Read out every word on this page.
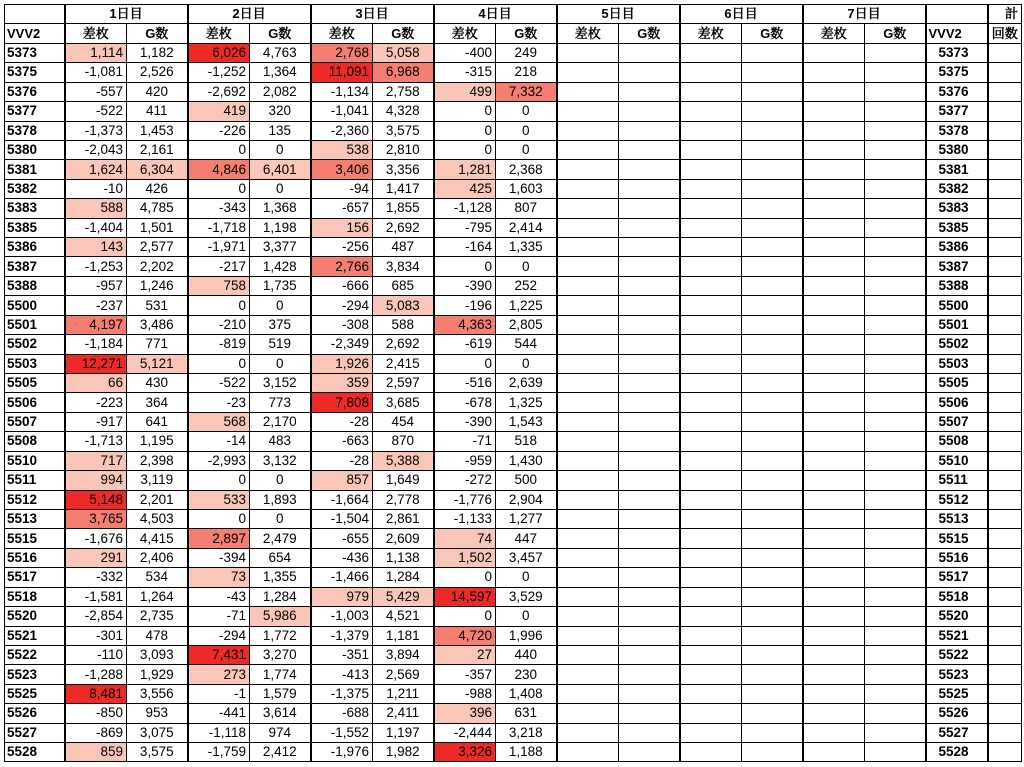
	1日目		2日目		3日目		4日目		5日目		6日目		7日目			計
VVV2	差枚	G数	差枚	G数	差枚	G数	差枚	G数	差枚	G数	差枚	G数	差枚	G数	VVV2	回数
5373	1,114	1,182	6,026	4,763	2,768	5,058	-400	249							5373	
5375	-1,081	2,526	-1,252	1,364	11,091	6,968	-315	218							5375	
5376	-557	420	-2,692	2,082	-1,134	2,758	499	7,332							5376	
5377	-522	411	419	320	-1,041	4,328	0	0							5377	
5378	-1,373	1,453	-226	135	-2,360	3,575	0	0							5378	
5380	-2,043	2,161	0	0	538	2,810	0	0							5380	
5381	1,624	6,304	4,846	6,401	3,406	3,356	1,281	2,368							5381	
5382	-10	426	0	0	-94	1,417	425	1,603							5382	
5383	588	4,785	-343	1,368	-657	1,855	-1,128	807							5383	
5385	-1,404	1,501	-1,718	1,198	156	2,692	-795	2,414							5385	
5386	143	2,577	-1,971	3,377	-256	487	-164	1,335							5386	
5387	-1,253	2,202	-217	1,428	2,766	3,834	0	0							5387	
5388	-957	1,246	758	1,735	-666	685	-390	252							5388	
5500	-237	531	0	0	-294	5,083	-196	1,225							5500	
5501	4,197	3,486	-210	375	-308	588	4,363	2,805							5501	
5502	-1,184	771	-819	519	-2,349	2,692	-619	544							5502	
5503	12,271	5,121	0	0	1,926	2,415	0	0							5503	
5505	66	430	-522	3,152	359	2,597	-516	2,639							5505	
5506	-223	364	-23	773	7,808	3,685	-678	1,325							5506	
5507	-917	641	568	2,170	-28	454	-390	1,543							5507	
5508	-1,713	1,195	-14	483	-663	870	-71	518							5508	
5510	717	2,398	-2,993	3,132	-28	5,388	-959	1,430							5510	
5511	994	3,119	0	0	857	1,649	-272	500							5511	
5512	5,148	2,201	533	1,893	-1,664	2,778	-1,776	2,904							5512	
5513	3,765	4,503	0	0	-1,504	2,861	-1,133	1,277							5513	
5515	-1,676	4,415	2,897	2,479	-655	2,609	74	447							5515	
5516	291	2,406	-394	654	-436	1,138	1,502	3,457							5516	
5517	-332	534	73	1,355	-1,466	1,284	0	0							5517	
5518	-1,581	1,264	-43	1,284	979	5,429	14,597	3,529							5518	
5520	-2,854	2,735	-71	5,986	-1,003	4,521	0	0							5520	
5521	-301	478	-294	1,772	-1,379	1,181	4,720	1,996							5521	
5522	-110	3,093	7,431	3,270	-351	3,894	27	440							5522	
5523	-1,288	1,929	273	1,774	-413	2,569	-357	230							5523	
5525	8,481	3,556	-1	1,579	-1,375	1,211	-988	1,408							5525	
5526	-850	953	-441	3,614	-688	2,411	396	631							5526	
5527	-869	3,075	-1,118	974	-1,552	1,197	-2,444	3,218							5527	
5528	859	3,575	-1,759	2,412	-1,976	1,982	3,326	1,188							5528	
